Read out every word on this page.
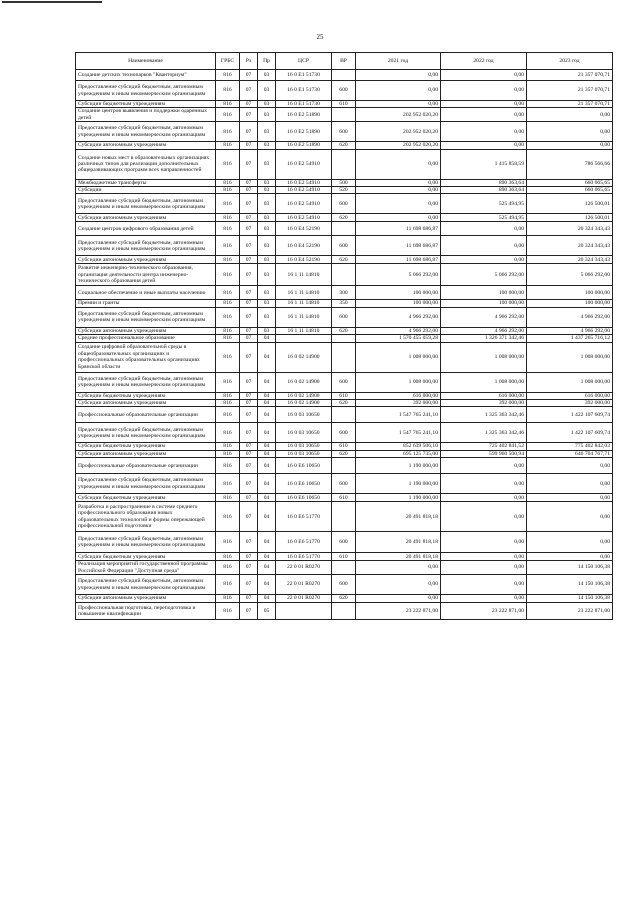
25
Наименование	ГРБС	Рз	Пр	ЦСР	ВР	2021 год	2022 год	2023 год
Создание детских технопарков "Кванториум"	816	07	03	16 0 E1 51730		0,00	0,00	21 357 070,71
Предоставление субсидий бюджетным, автономным учреждениям и иным некоммерческим организациям	816	07	03	16 0 E1 51730	600	0,00	0,00	21 357 070,71
Субсидии бюджетным учреждениям	816	07	03	16 0 E1 51730	610	0,00	0,00	21 357 070,71
Создание центров выявления и поддержки одаренных детей	816	07	03	16 0 E2 51890		202 952 020,20	0,00	0,00
Предоставление субсидий бюджетным, автономным учреждениям и иным некоммерческим организациям	816	07	03	16 0 E2 51890	600	202 952 020,20	0,00	0,00
Субсидии автономным учреждениям	816	07	03	16 0 E2 51890	620	202 952 020,20	0,00	0,00
Создание новых мест в образовательных организациях различных типов для реализации дополнительных общеразвивающих программ всех направленностей	816	07	03	16 0 E2 54910		0,00	1 415 858,59	786 566,66
Межбюджетные трансферты	816	07	03	16 0 E2 54910	500	0,00	890 363,64	660 065,65
Субсидии	816	07	03	16 0 E2 54910	520	0,00	890 363,64	660 065,65
Предоставление субсидий бюджетным, автономным учреждениям и иным некоммерческим организациям	816	07	03	16 0 E2 54910	600	0,00	525 494,95	126 500,01
Субсидии автономным учреждениям	816	07	03	16 0 E2 54910	620	0,00	525 494,95	126 500,01
Создание центров цифрового образования детей	816	07	03	16 0 E4 52190		11 698 686,87	0,00	20 324 343,43
Предоставление субсидий бюджетным, автономным учреждениям и иным некоммерческим организациям	816	07	03	16 0 E4 52190	600	11 698 686,87	0,00	20 324 343,43
Субсидии автономным учреждениям	816	07	03	16 0 E4 52190	620	11 698 686,87	0,00	20 324 343,43
Развитие инженерно-технического образования, организация деятельности центра инженерно-технического образования детей	816	07	03	16 1 11 14810		5 066 292,00	5 066 292,00	5 066 292,00
Социальное обеспечение и иные выплаты населению	816	07	03	16 1 11 14810	300	100 000,00	100 000,00	100 000,00
Премии и гранты	816	07	03	16 1 11 14810	350	100 000,00	100 000,00	100 000,00
Предоставление субсидий бюджетным, автономным учреждениям и иным некоммерческим организациям	816	07	03	16 1 11 14810	600	4 966 292,00	4 966 292,00	4 966 292,00
Субсидии автономным учреждениям	816	07	03	16 1 11 14810	620	4 966 292,00	4 966 292,00	4 966 292,00
Среднее профессиональное образование	816	07	04			1 570 455 059,28	1 326 371 342,46	1 437 265 716,12
Создание цифровой образовательной среды в общеобразовательных организациях и профессиональных образовательных организациях Брянской области	816	07	04	16 0 02 14900		1 008 000,00	1 008 000,00	1 008 000,00
Предоставление субсидий бюджетным, автономным учреждениям и иным некоммерческим организациям	816	07	04	16 0 02 14900	600	1 008 000,00	1 008 000,00	1 008 000,00
Субсидии бюджетным учреждениям	816	07	04	16 0 02 14900	610	616 000,00	616 000,00	616 000,00
Субсидии автономным учреждениям	816	07	04	16 0 02 14900	620	392 000,00	392 000,00	392 000,00
Профессиональные образовательные организации	816	07	04	16 0 03 10650		1 547 765 241,10	1 325 363 342,46	1 422 107 609,74
Предоставление субсидий бюджетным, автономным учреждениям и иным некоммерческим организациям	816	07	04	16 0 03 10650	600	1 547 765 241,10	1 325 363 342,46	1 422 107 609,74
Субсидии бюджетным учреждениям	816	07	04	16 0 03 10650	610	852 639 506,10	725 402 841,52	775 402 842,03
Субсидии автономным учреждениям	816	07	04	16 0 03 10650	620	695 125 735,00	599 960 500,94	646 704 767,71
Профессиональные образовательные организации	816	07	04	16 0 E6 10650		1 190 000,00	0,00	0,00
Предоставление субсидий бюджетным, автономным учреждениям и иным некоммерческим организациям	816	07	04	16 0 E6 10650	600	1 190 000,00	0,00	0,00
Субсидии бюджетным учреждениям	816	07	04	16 0 E6 10650	610	1 190 000,00	0,00	0,00
Разработка и распространение в системе среднего профессионального образования новых образовательных технологий и формы опережающей профессиональной подготовки	816	07	04	16 0 E6 51770		20 491 818,18	0,00	0,00
Предоставление субсидий бюджетным, автономным учреждениям и иным некоммерческим организациям	816	07	04	16 0 E6 51770	600	20 491 818,18	0,00	0,00
Субсидии бюджетным учреждениям	816	07	04	16 0 E6 51770	610	20 491 818,18	0,00	0,00
Реализация мероприятий государственной программы Российской Федерации "Доступная среда"	816	07	04	22 0 01 R0270		0,00	0,00	14 150 106,38
Предоставление субсидий бюджетным, автономным учреждениям и иным некоммерческим организациям	816	07	04	22 0 01 R0270	600	0,00	0,00	14 150 106,38
Субсидии автономным учреждениям	816	07	04	22 0 01 R0270	620	0,00	0,00	14 150 106,38
Профессиональная подготовка, переподготовка и повышение квалификации	816	07	05			23 222 871,00	23 222 871,00	23 222 871,00
